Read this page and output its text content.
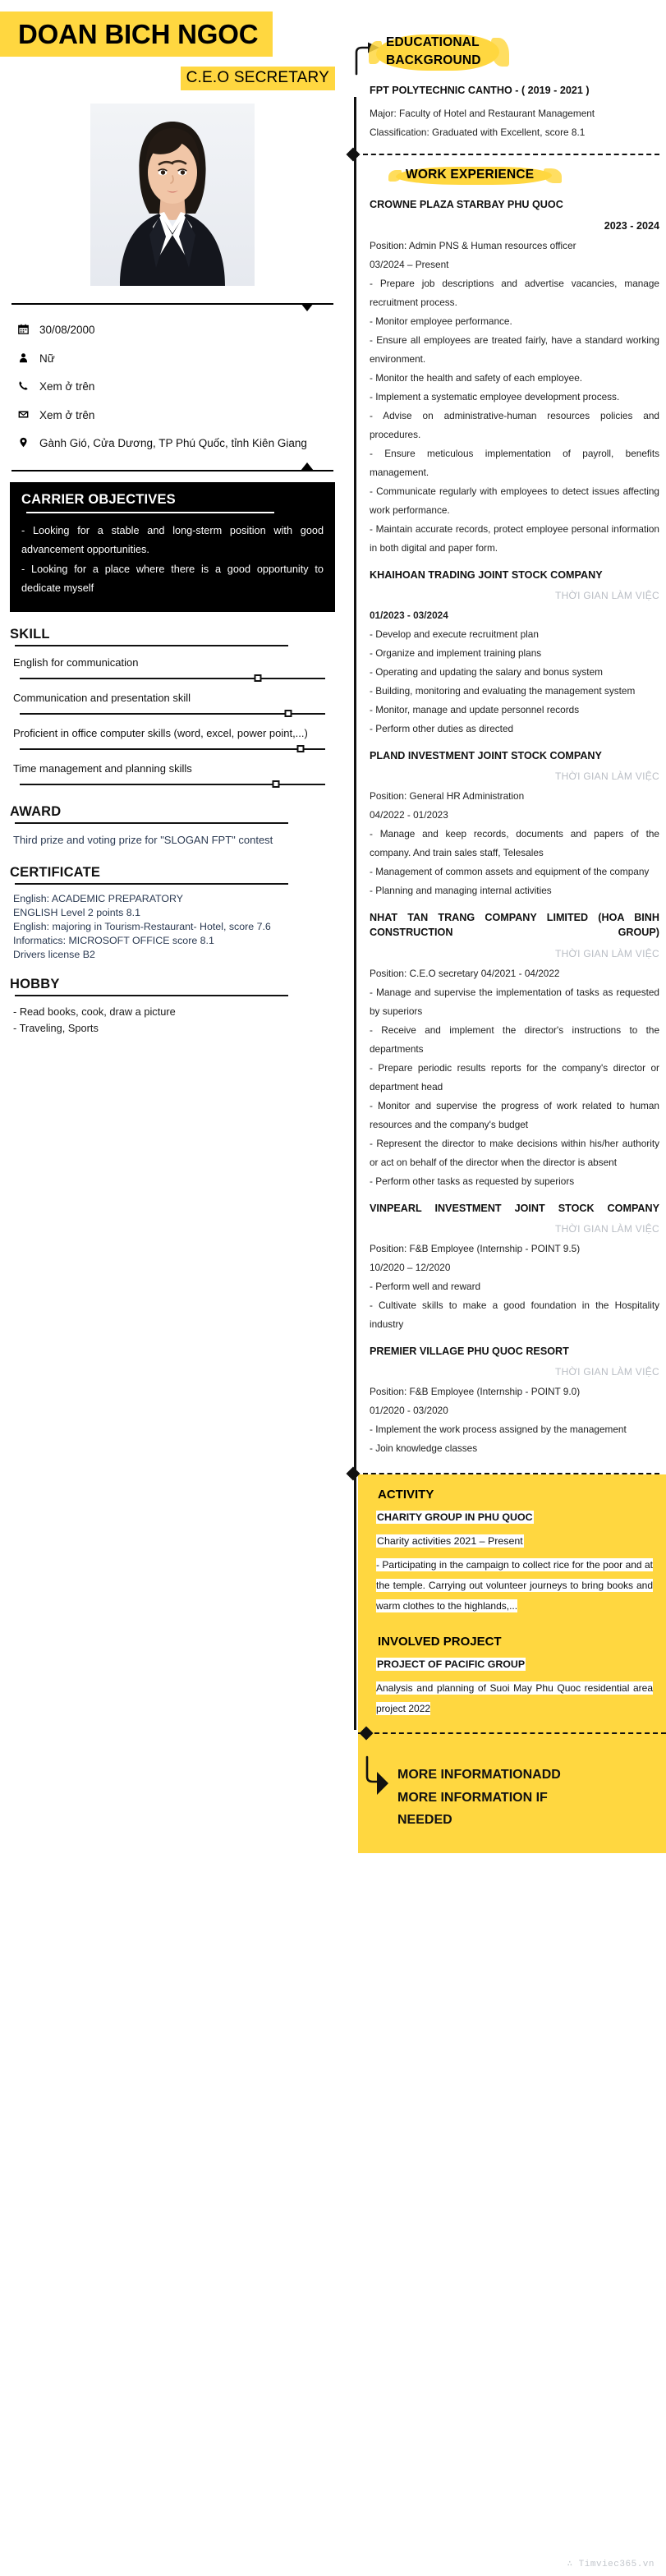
DOAN BICH NGOC
C.E.O SECRETARY
30/08/2000
Nữ
Xem ở trên
Xem ở trên
Gành Gió, Cửa Dương, TP Phú Quốc, tỉnh Kiên Giang
CARRIER OBJECTIVES

- Looking for a stable and long-sterm position with good advancement opportunities.

- Looking for a place where there is a good opportunity to dedicate myself

SKILL
English for communication
Communication and presentation skill
Proficient in office computer skills (word, excel, power point,...)
Time management and planning skills
AWARD
Third prize and voting prize for "SLOGAN FPT" contest
CERTIFICATE
English: ACADEMIC PREPARATORY
ENGLISH Level 2 points 8.1
English: majoring in Tourism-Restaurant- Hotel, score 7.6
Informatics: MICROSOFT OFFICE score 8.1
Drivers license B2
HOBBY
- Read books, cook, draw a picture
- Traveling, Sports
EDUCATIONAL
BACKGROUND
FPT POLYTECHNIC CANTHO - ( 2019 - 2021 )
Major: Faculty of Hotel and Restaurant Management
Classification: Graduated with Excellent, score 8.1
WORK EXPERIENCE
CROWNE PLAZA STARBAY PHU QUOC
2023 - 2024
Position: Admin PNS & Human resources officer
03/2024 – Present
- Prepare job descriptions and advertise vacancies, manage recruitment process.
- Monitor employee performance.
- Ensure all employees are treated fairly, have a standard working environment.
- Monitor the health and safety of each employee.
- Implement a systematic employee development process.
- Advise on administrative-human resources policies and procedures.
- Ensure meticulous implementation of payroll, benefits management.
- Communicate regularly with employees to detect issues affecting work performance.
- Maintain accurate records, protect employee personal information in both digital and paper form.
KHAIHOAN TRADING JOINT STOCK COMPANY
THỜI GIAN LÀM VIỆC
01/2023 - 03/2024
- Develop and execute recruitment plan
- Organize and implement training plans
- Operating and updating the salary and bonus system
- Building, monitoring and evaluating the management system
- Monitor, manage and update personnel records
- Perform other duties as directed
PLAND INVESTMENT JOINT STOCK COMPANY
THỜI GIAN LÀM VIỆC
Position: General HR Administration
04/2022 - 01/2023
- Manage and keep records, documents and papers of the company. And train sales staff, Telesales
- Management of common assets and equipment of the company
- Planning and managing internal activities
NHAT TAN TRANG COMPANY LIMITED (HOA BINH CONSTRUCTION GROUP)
THỜI GIAN LÀM VIỆC
Position: C.E.O secretary 04/2021 - 04/2022
- Manage and supervise the implementation of tasks as requested by superiors
- Receive and implement the director's instructions to the departments
- Prepare periodic results reports for the company's director or department head
- Monitor and supervise the progress of work related to human resources and the company's budget
- Represent the director to make decisions within his/her authority or act on behalf of the director when the director is absent
- Perform other tasks as requested by superiors
VINPEARL INVESTMENT JOINT STOCK COMPANY
THỜI GIAN LÀM VIỆC
Position: F&B Employee (Internship - POINT 9.5)
10/2020 – 12/2020
- Perform well and reward
- Cultivate skills to make a good foundation in the Hospitality industry
PREMIER VILLAGE PHU QUOC RESORT
THỜI GIAN LÀM VIỆC
Position: F&B Employee (Internship - POINT 9.0)
01/2020 - 03/2020
- Implement the work process assigned by the management
- Join knowledge classes
ACTIVITY
CHARITY GROUP IN PHU QUOC
Charity activities 2021 – Present
- Participating in the campaign to collect rice for the poor and at the temple. Carrying out volunteer journeys to bring books and warm clothes to the highlands,...
INVOLVED PROJECT
PROJECT OF PACIFIC GROUP
Analysis and planning of Suoi May Phu Quoc residential area project 2022
MORE INFORMATIONADD
MORE INFORMATION IF
NEEDED
∴ Timviec365.vn
